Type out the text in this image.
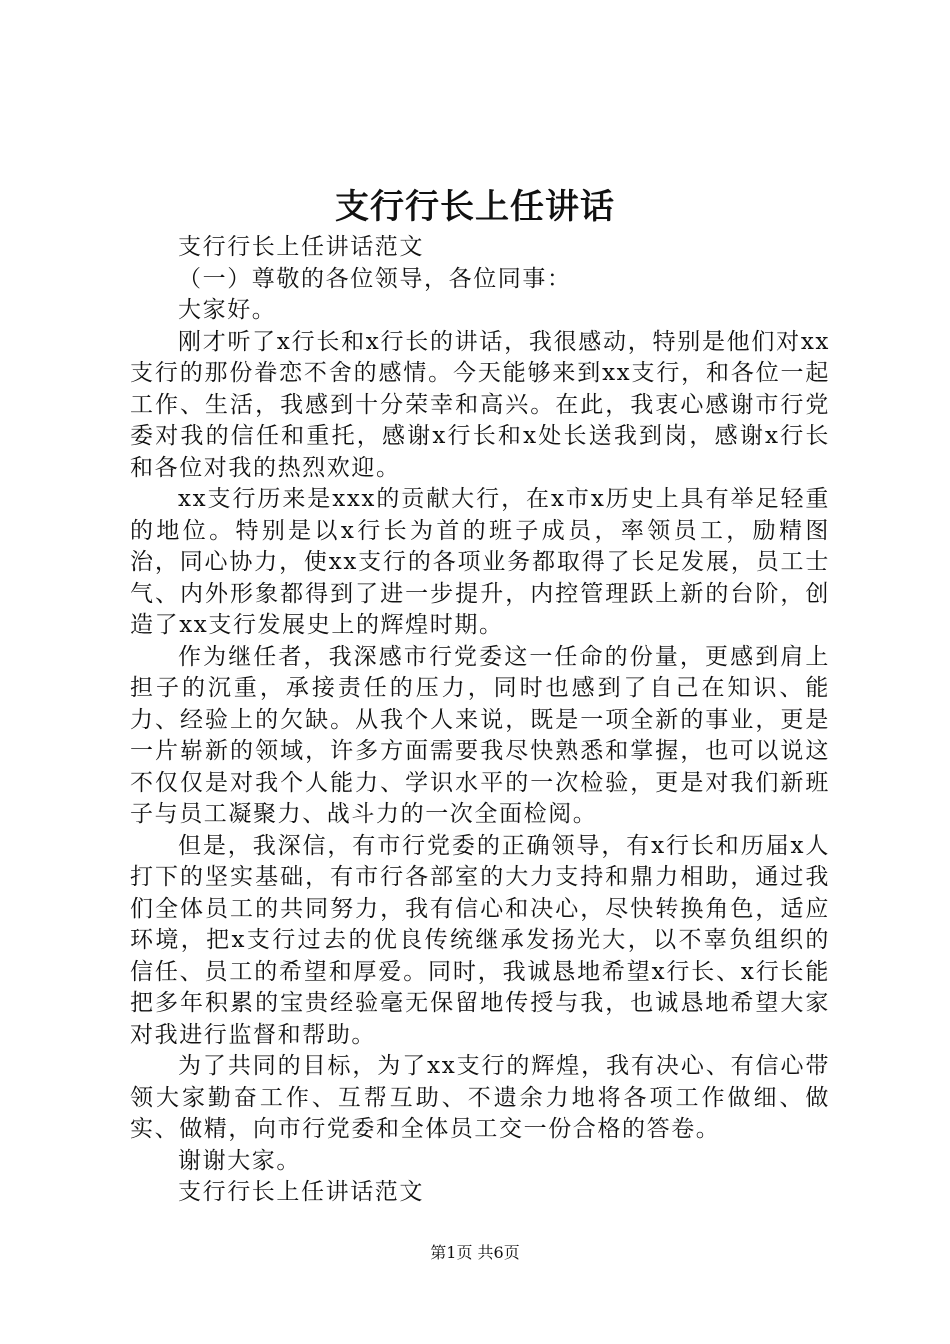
支行行长上任讲话

支行行长上任讲话范文

（一）尊敬的各位领导，各位同事：

大家好。

刚才听了x行长和x行长的讲话，我很感动，特别是他们对xx支行的那份眷恋不舍的感情。今天能够来到xx支行，和各位一起工作、生活，我感到十分荣幸和高兴。在此，我衷心感谢市行党委对我的信任和重托，感谢x行长和x处长送我到岗，感谢x行长和各位对我的热烈欢迎。

xx支行历来是xxx的贡献大行，在x市x历史上具有举足轻重的地位。特别是以x行长为首的班子成员，率领员工，励精图治，同心协力，使xx支行的各项业务都取得了长足发展，员工士气、内外形象都得到了进一步提升，内控管理跃上新的台阶，创造了xx支行发展史上的辉煌时期。

作为继任者，我深感市行党委这一任命的份量，更感到肩上担子的沉重，承接责任的压力，同时也感到了自己在知识、能力、经验上的欠缺。从我个人来说，既是一项全新的事业，更是一片崭新的领域，许多方面需要我尽快熟悉和掌握，也可以说这不仅仅是对我个人能力、学识水平的一次检验，更是对我们新班子与员工凝聚力、战斗力的一次全面检阅。

但是，我深信，有市行党委的正确领导，有x行长和历届x人打下的坚实基础，有市行各部室的大力支持和鼎力相助，通过我们全体员工的共同努力，我有信心和决心，尽快转换角色，适应环境，把x支行过去的优良传统继承发扬光大，以不辜负组织的信任、员工的希望和厚爱。同时，我诚恳地希望x行长、x行长能把多年积累的宝贵经验毫无保留地传授与我，也诚恳地希望大家对我进行监督和帮助。

为了共同的目标，为了xx支行的辉煌，我有决心、有信心带领大家勤奋工作、互帮互助、不遗余力地将各项工作做细、做实、做精，向市行党委和全体员工交一份合格的答卷。

谢谢大家。

支行行长上任讲话范文

第1页 共6页
